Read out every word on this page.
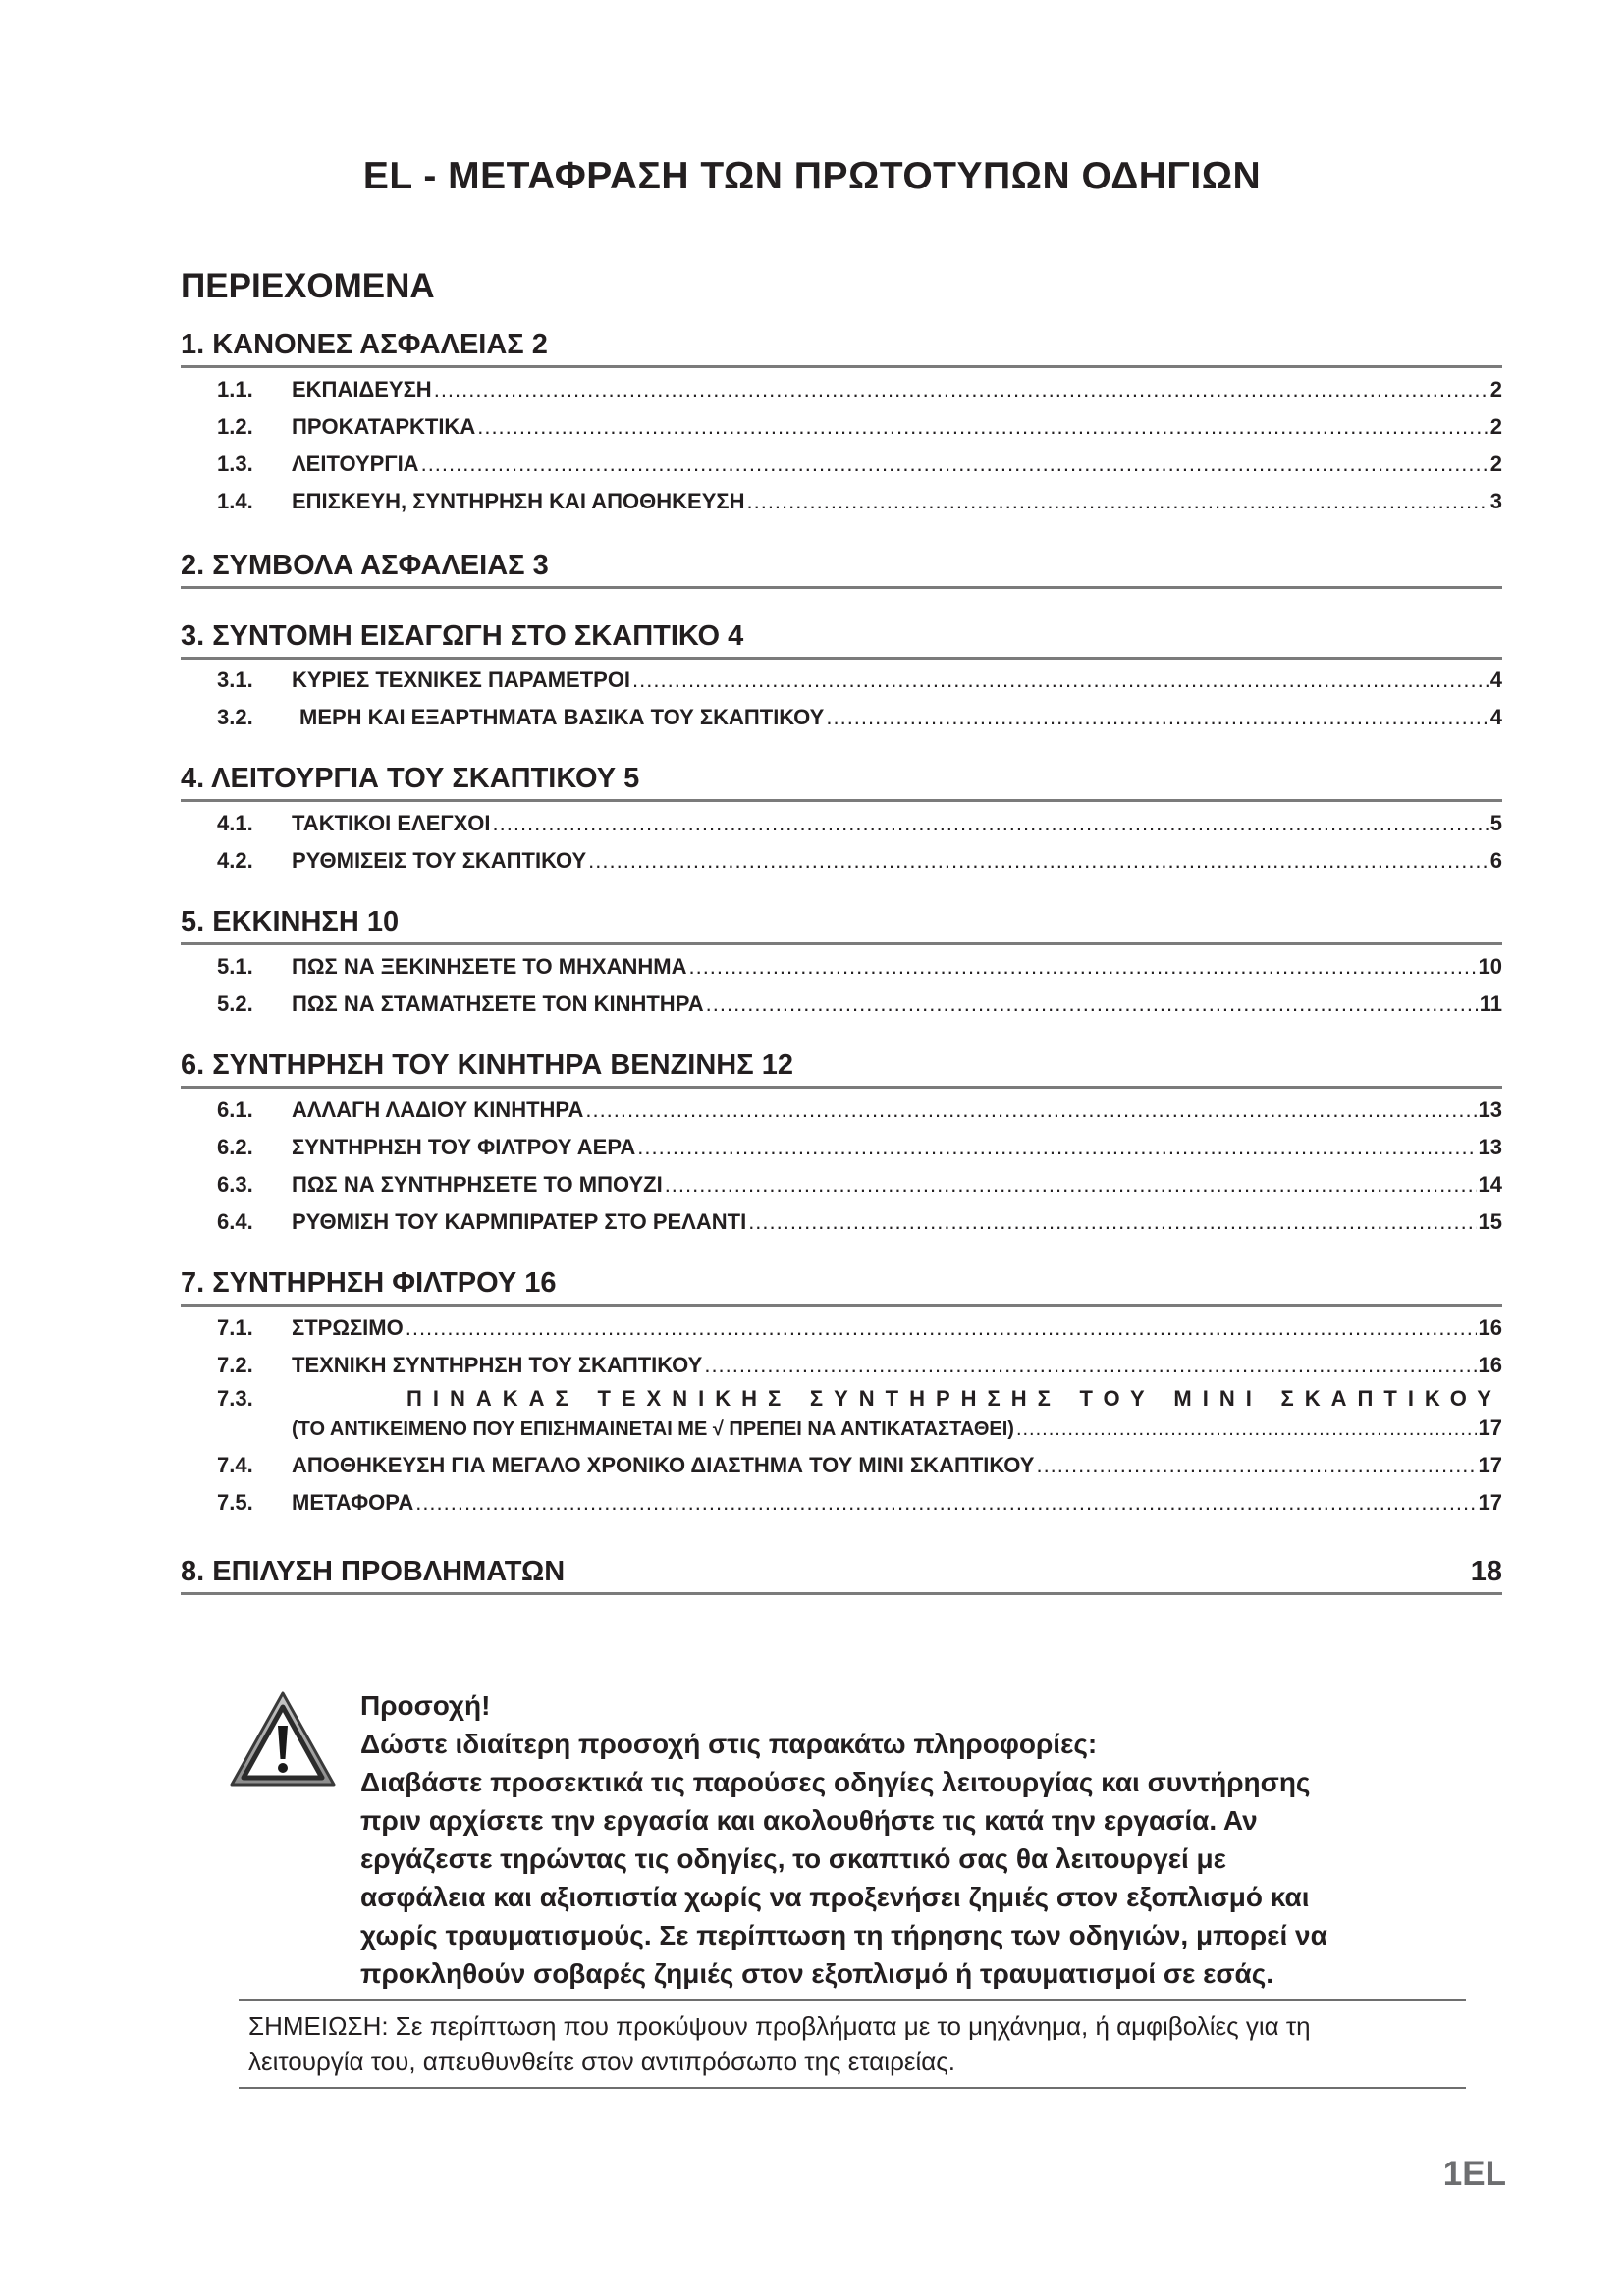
EL - ΜΕΤΑΦΡΑΣΗ ΤΩΝ ΠΡΩΤΟΤΥΠΩΝ ΟΔΗΓΙΩΝ
ΠΕΡΙΕΧΟΜΕΝΑ
1. ΚΑΝΟΝΕΣ ΑΣΦΑΛΕΙΑΣ 2
1.1.	ΕΚΠΑΙΔΕΥΣΗ .....	2
1.2.	ΠΡΟΚΑΤΑΡΚΤΙΚΑ .....	2
1.3.	ΛΕΙΤΟΥΡΓΙΑ .....	2
1.4.	ΕΠΙΣΚΕΥΗ, ΣΥΝΤΗΡΗΣΗ ΚΑΙ ΑΠΟΘΗΚΕΥΣΗ .....	3
2. ΣΥΜΒΟΛΑ ΑΣΦΑΛΕΙΑΣ 3
3. ΣΥΝΤΟΜΗ ΕΙΣΑΓΩΓΗ ΣΤΟ ΣΚΑΠΤΙΚΟ 4
3.1.	ΚΥΡΙΕΣ ΤΕΧΝΙΚΕΣ ΠΑΡΑΜΕΤΡΟΙ .....	4
3.2.	ΜΕΡΗ ΚΑΙ ΕΞΑΡΤΗΜΑΤΑ ΒΑΣΙΚΑ ΤΟΥ ΣΚΑΠΤΙΚΟΥ .....	4
4. ΛΕΙΤΟΥΡΓΙΑ ΤΟΥ ΣΚΑΠΤΙΚΟΥ 5
4.1.	ΤΑΚΤΙΚΟΙ ΕΛΕΓΧΟΙ .....	5
4.2.	ΡΥΘΜΙΣΕΙΣ ΤΟΥ ΣΚΑΠΤΙΚΟΥ .....	6
5. ΕΚΚΙΝΗΣΗ 10
5.1.	ΠΩΣ ΝΑ ΞΕΚΙΝΗΣΕΤΕ ΤΟ ΜΗΧΑΝΗΜΑ .....	10
5.2.	ΠΩΣ ΝΑ ΣΤΑΜΑΤΗΣΕΤΕ ΤΟΝ ΚΙΝΗΤΗΡΑ .....	11
6. ΣΥΝΤΗΡΗΣΗ ΤΟΥ ΚΙΝΗΤΗΡΑ ΒΕΝΖΙΝΗΣ 12
6.1.	ΑΛΛΑΓΗ ΛΑΔΙΟΥ ΚΙΝΗΤΗΡΑ .....	13
6.2.	ΣΥΝΤΗΡΗΣΗ ΤΟΥ ΦΙΛΤΡΟΥ ΑΕΡΑ .....	13
6.3.	ΠΩΣ ΝΑ ΣΥΝΤΗΡΗΣΕΤΕ ΤΟ ΜΠΟΥΖΙ .....	14
6.4.	ΡΥΘΜΙΣΗ ΤΟΥ ΚΑΡΜΠΙΡΑΤΕΡ ΣΤΟ ΡΕΛΑΝΤΙ .....	15
7. ΣΥΝΤΗΡΗΣΗ ΦΙΛΤΡΟΥ 16
7.1.	ΣΤΡΩΣΙΜΟ .....	16
7.2.	ΤΕΧΝΙΚΗ ΣΥΝΤΗΡΗΣΗ ΤΟΥ ΣΚΑΠΤΙΚΟΥ .....	16
7.3.	ΠΙΝΑΚΑΣ ΤΕΧΝΙΚΗΣ ΣΥΝΤΗΡΗΣΗΣ ΤΟΥ ΜΙΝΙ ΣΚΑΠΤΙΚΟΥ
(ΤΟ ΑΝΤΙΚΕΙΜΕΝΟ ΠΟΥ ΕΠΙΣΗΜΑΙΝΕΤΑΙ ΜΕ √ ΠΡΕΠΕΙ ΝΑ ΑΝΤΙΚΑΤΑΣΤΑΘΕΙ) .....	17
7.4.	ΑΠΟΘΗΚΕΥΣΗ ΓΙΑ ΜΕΓΑΛΟ ΧΡΟΝΙΚΟ ΔΙΑΣΤΗΜΑ ΤΟΥ ΜΙΝΙ ΣΚΑΠΤΙΚΟΥ .....	17
7.5.	ΜΕΤΑΦΟΡΑ .....	17
8. ΕΠΙΛΥΣΗ ΠΡΟΒΛΗΜΑΤΩΝ	18
Προσοχή!
Δώστε ιδιαίτερη προσοχή στις παρακάτω πληροφορίες:
Διαβάστε προσεκτικά τις παρούσες οδηγίες λειτουργίας και συντήρησης
πριν αρχίσετε την εργασία και ακολουθήστε τις κατά την εργασία. Αν
εργάζεστε τηρώντας τις οδηγίες, το σκαπτικό σας θα λειτουργεί με
ασφάλεια και αξιοπιστία χωρίς να προξενήσει ζημιές στον εξοπλισμό και
χωρίς τραυματισμούς. Σε περίπτωση τη τήρησης των οδηγιών, μπορεί να
προκληθούν σοβαρές ζημιές στον εξοπλισμό ή τραυματισμοί σε εσάς.
ΣΗΜΕΙΩΣΗ: Σε περίπτωση που προκύψουν προβλήματα με το μηχάνημα, ή αμφιβολίες για τη
λειτουργία του, απευθυνθείτε στον αντιπρόσωπο της εταιρείας.
1EL
